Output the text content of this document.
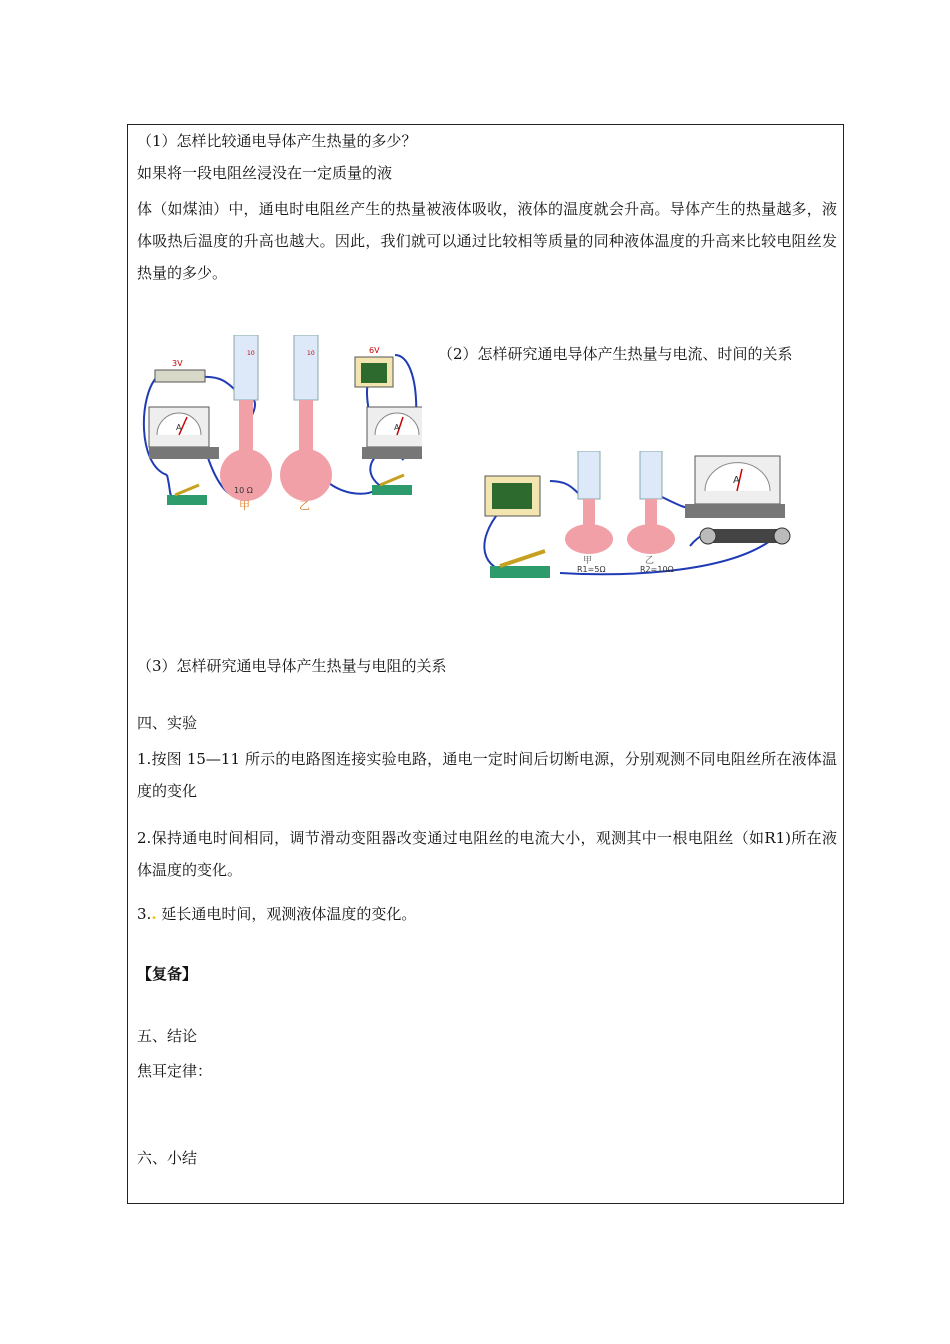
（1）怎样比较通电导体产生热量的多少？
如果将一段电阻丝浸没在一定质量的液
体（如煤油）中，通电时电阻丝产生的热量被液体吸收，液体的温度就会升高。导体产生的热量越多，液体吸热后温度的升高也越大。因此，我们就可以通过比较相等质量的同种液体温度的升高来比较电阻丝发热量的多少。
3V
6V
A	A
10	10
10 Ω
甲	乙
（2）怎样研究通电导体产生热量与电流、时间的关系
甲	乙
R1=5Ω	R2=10Ω
A
（3）怎样研究通电导体产生热量与电阻的关系
四、实验
1.按图 15—11 所示的电路图连接实验电路，通电一定时间后切断电源，分别观测不同电阻丝所在液体温度的变化
2.保持通电时间相同，调节滑动变阻器改变通过电阻丝的电流大小，观测其中一根电阻丝（如R1)所在液体温度的变化。
3.. 延长通电时间，观测液体温度的变化。
【复备】
五、结论
焦耳定律：
六、小结
